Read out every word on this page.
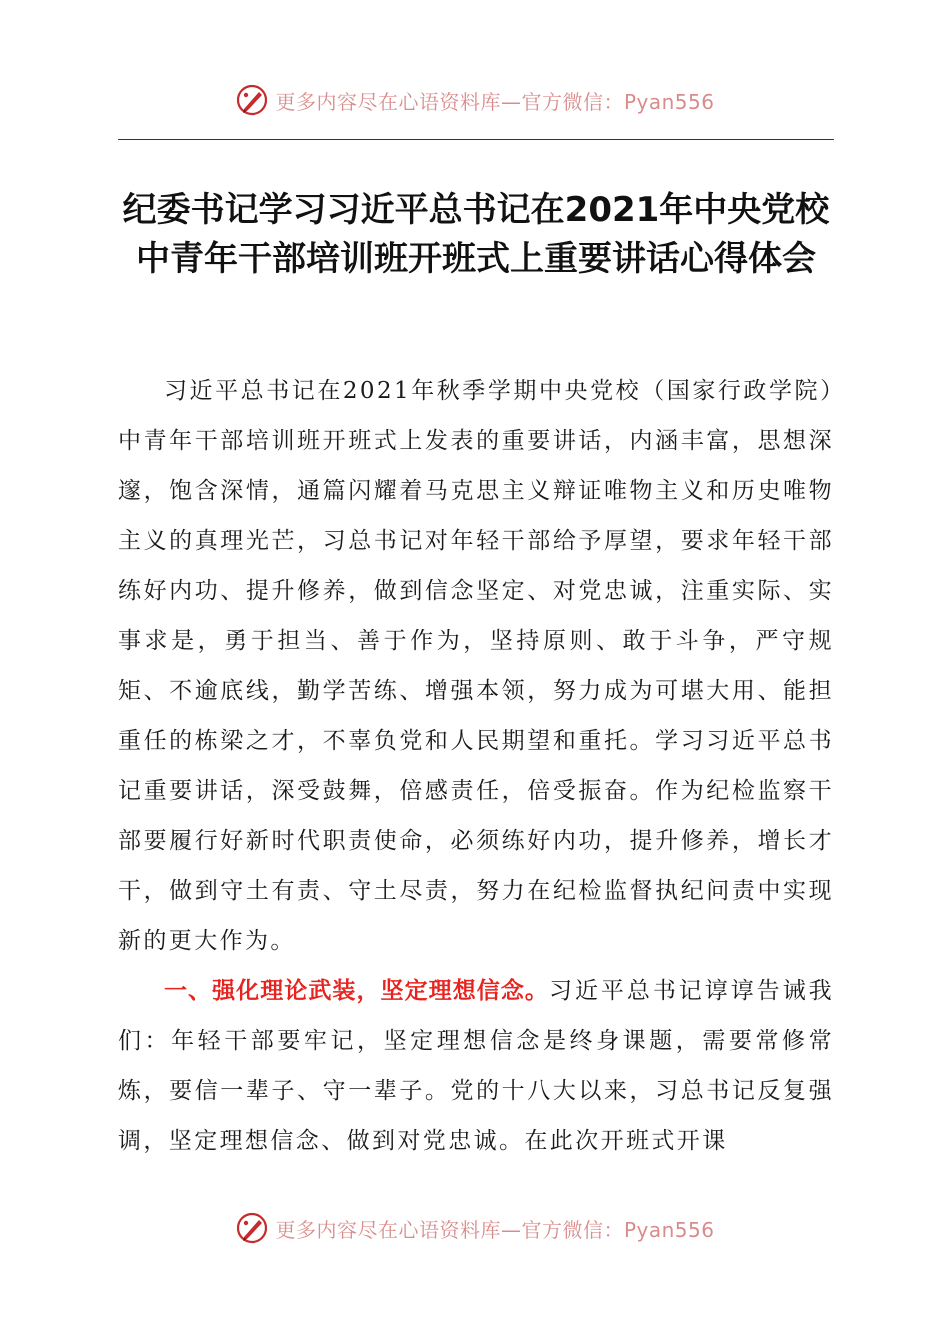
更多内容尽在心语资料库—官方微信：Pyan556
纪委书记学习习近平总书记在2021年中央党校中青年干部培训班开班式上重要讲话心得体会

习近平总书记在2021年秋季学期中央党校（国家行政学院）中青年干部培训班开班式上发表的重要讲话，内涵丰富，思想深邃，饱含深情，通篇闪耀着马克思主义辩证唯物主义和历史唯物主义的真理光芒，习总书记对年轻干部给予厚望，要求年轻干部练好内功、提升修养，做到信念坚定、对党忠诚，注重实际、实事求是，勇于担当、善于作为，坚持原则、敢于斗争，严守规矩、不逾底线，勤学苦练、增强本领，努力成为可堪大用、能担重任的栋梁之才，不辜负党和人民期望和重托。学习习近平总书记重要讲话，深受鼓舞，倍感责任，倍受振奋。作为纪检监察干部要履行好新时代职责使命，必须练好内功，提升修养，增长才干，做到守土有责、守土尽责，努力在纪检监督执纪问责中实现新的更大作为。

一、强化理论武装，坚定理想信念。习近平总书记谆谆告诫我们：年轻干部要牢记，坚定理想信念是终身课题，需要常修常炼，要信一辈子、守一辈子。党的十八大以来，习总书记反复强调，坚定理想信念、做到对党忠诚。在此次开班式开课

更多内容尽在心语资料库—官方微信：Pyan556
